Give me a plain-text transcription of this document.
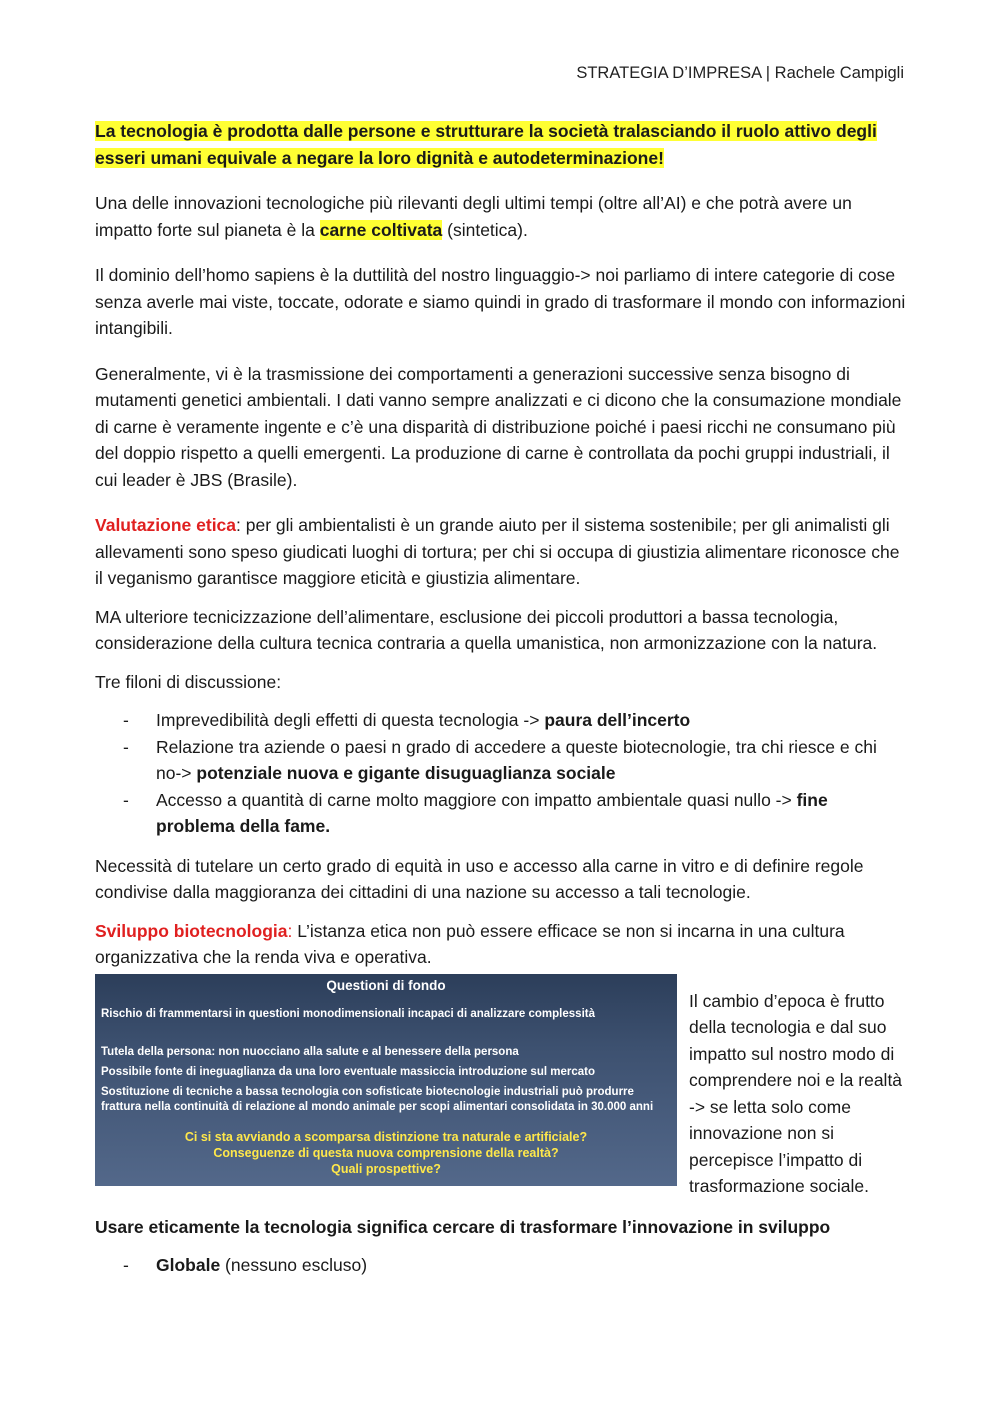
STRATEGIA D’IMPRESA | Rachele Campigli

La tecnologia è prodotta dalle persone e strutturare la società tralasciando il ruolo attivo degli esseri umani equivale a negare la loro dignità e autodeterminazione!

Una delle innovazioni tecnologiche più rilevanti degli ultimi tempi (oltre all’AI) e che potrà avere un impatto forte sul pianeta è la carne coltivata (sintetica).

Il dominio dell’homo sapiens è la duttilità del nostro linguaggio-> noi parliamo di intere categorie di cose senza averle mai viste, toccate, odorate e siamo quindi in grado di trasformare il mondo con informazioni intangibili.

Generalmente, vi è la trasmissione dei comportamenti a generazioni successive senza bisogno di mutamenti genetici ambientali. I dati vanno sempre analizzati e ci dicono che la consumazione mondiale di carne è veramente ingente e c’è una disparità di distribuzione poiché i paesi ricchi ne consumano più del doppio rispetto a quelli emergenti. La produzione di carne è controllata da pochi gruppi industriali, il cui leader è JBS (Brasile).

Valutazione etica: per gli ambientalisti è un grande aiuto per il sistema sostenibile; per gli animalisti gli allevamenti sono speso giudicati luoghi di tortura; per chi si occupa di giustizia alimentare riconosce che il veganismo garantisce maggiore eticità e giustizia alimentare.

MA ulteriore tecnicizzazione dell’alimentare, esclusione dei piccoli produttori a bassa tecnologia, considerazione della cultura tecnica contraria a quella umanistica, non armonizzazione con la natura.

Tre filoni di discussione:

- Imprevedibilità degli effetti di questa tecnologia -> paura dell’incerto
- Relazione tra aziende o paesi n grado di accedere a queste biotecnologie, tra chi riesce e chi no-> potenziale nuova e gigante disuguaglianza sociale
- Accesso a quantità di carne molto maggiore con impatto ambientale quasi nullo -> fine problema della fame.

Necessità di tutelare un certo grado di equità in uso e accesso alla carne in vitro e di definire regole condivise dalla maggioranza dei cittadini di una nazione su accesso a tali tecnologie.

Sviluppo biotecnologia: L’istanza etica non può essere efficace se non si incarna in una cultura organizzativa che la renda viva e operativa.

Questioni di fondo
Rischio di frammentarsi in questioni monodimensionali incapaci di analizzare complessità
Tutela della persona: non nuocciano alla salute e al benessere della persona
Possibile fonte di ineguaglianza da una loro eventuale massiccia introduzione sul mercato
Sostituzione di tecniche a bassa tecnologia con sofisticate biotecnologie industriali può produrre frattura nella continuità di relazione al mondo animale per scopi alimentari consolidata in 30.000 anni
Ci si sta avviando a scomparsa distinzione tra naturale e artificiale?
Conseguenze di questa nuova comprensione della realtà?
Quali prospettive?
Il cambio d’epoca è frutto della tecnologia e dal suo impatto sul nostro modo di comprendere noi e la realtà -> se letta solo come innovazione non si percepisce l’impatto di trasformazione sociale.

Usare eticamente la tecnologia significa cercare di trasformare l’innovazione in sviluppo

- Globale (nessuno escluso)
